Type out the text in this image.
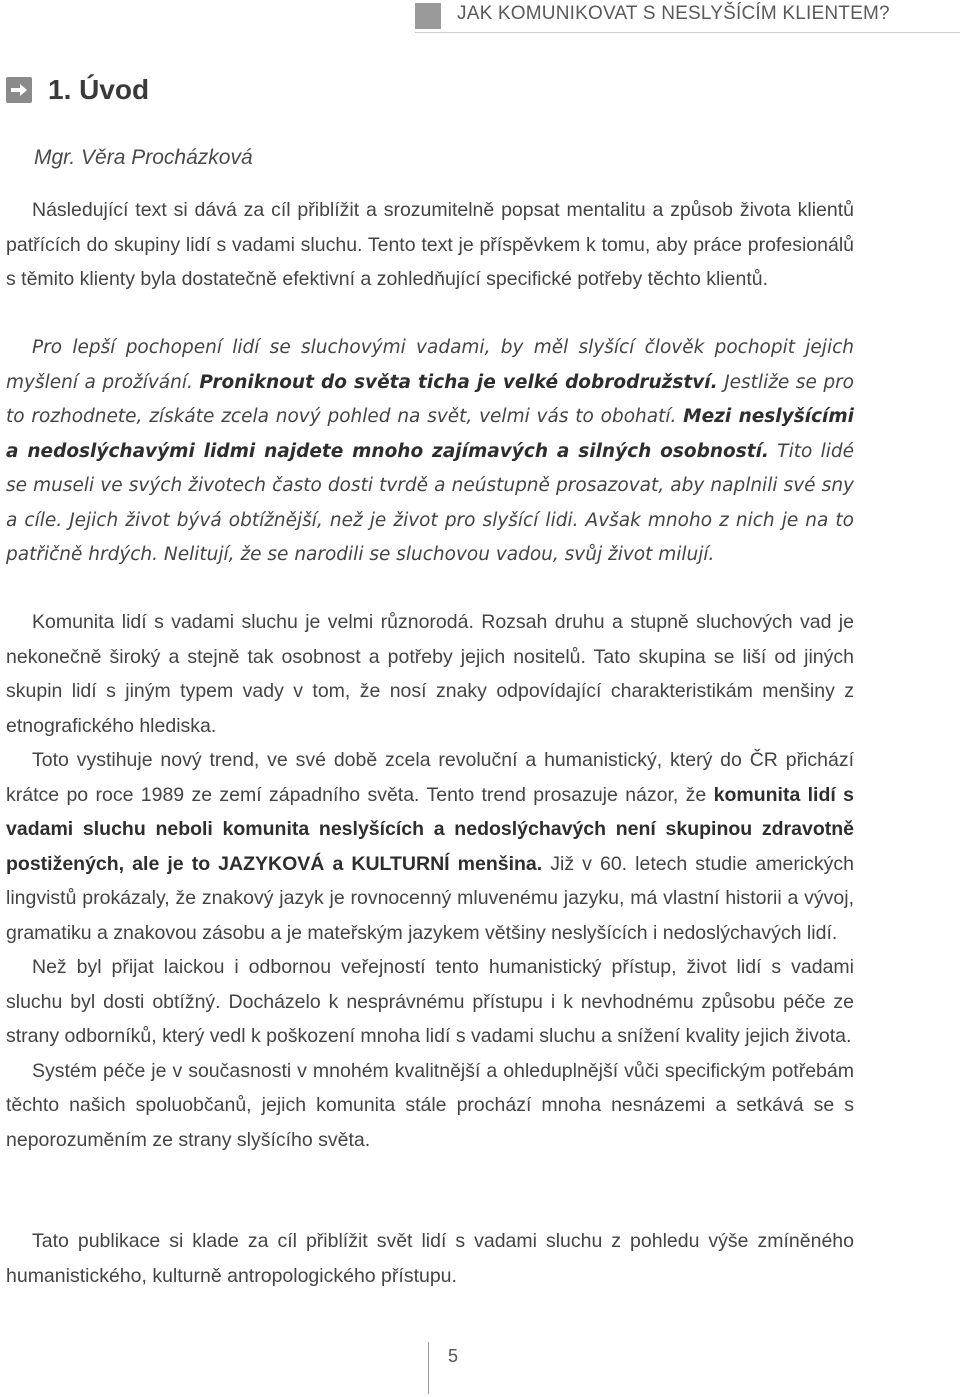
JAK KOMUNIKOVAT S NESLYŠÍCÍM KLIENTEM?
1. Úvod
Mgr. Věra Procházková

Následující text si dává za cíl přiblížit a srozumitelně popsat mentalitu a způsob života klientů patřících do skupiny lidí s vadami sluchu. Tento text je příspěvkem k tomu, aby práce profesionálů s těmito klienty byla dostatečně efektivní a zohledňující specifické potřeby těchto klientů.

Pro lepší pochopení lidí se sluchovými vadami, by měl slyšící člověk pochopit jejich myšlení a prožívání. Proniknout do světa ticha je velké dobrodružství. Jestliže se pro to rozhodnete, získáte zcela nový pohled na svět, velmi vás to obohatí. Mezi neslyšícími a nedoslýchavými lidmi najdete mnoho zajímavých a silných osobností. Tito lidé se museli ve svých životech často dosti tvrdě a neústupně prosazovat, aby naplnili své sny a cíle. Jejich život bývá obtížnější, než je život pro slyšící lidi. Avšak mnoho z nich je na to patřičně hrdých. Nelitují, že se narodili se sluchovou vadou, svůj život milují.

Komunita lidí s vadami sluchu je velmi různorodá. Rozsah druhu a stupně sluchových vad je nekonečně široký a stejně tak osobnost a potřeby jejich nositelů. Tato skupina se liší od jiných skupin lidí s jiným typem vady v tom, že nosí znaky odpovídající charakteristikám menšiny z etnografického hlediska.

Toto vystihuje nový trend, ve své době zcela revoluční a humanistický, který do ČR přichází krátce po roce 1989 ze zemí západního světa. Tento trend prosazuje názor, že komunita lidí s vadami sluchu neboli komunita neslyšících a nedoslýchavých není skupinou zdravotně postižených, ale je to JAZYKOVÁ a KULTURNÍ menšina. Již v 60. letech studie amerických lingvistů prokázaly, že znakový jazyk je rovnocenný mluvenému jazyku, má vlastní historii a vývoj, gramatiku a znakovou zásobu a je mateřským jazykem většiny neslyšících i nedoslýchavých lidí.

Než byl přijat laickou i odbornou veřejností tento humanistický přístup, život lidí s vadami sluchu byl dosti obtížný. Docházelo k nesprávnému přístupu i k nevhodnému způsobu péče ze strany odborníků, který vedl k poškození mnoha lidí s vadami sluchu a snížení kvality jejich života.

Systém péče je v současnosti v mnohém kvalitnější a ohleduplnější vůči specifickým potřebám těchto našich spoluobčanů, jejich komunita stále prochází mnoha nesnázemi a setkává se s neporozuměním ze strany slyšícího světa.

Tato publikace si klade za cíl přiblížit svět lidí s vadami sluchu z pohledu výše zmíněného humanistického, kulturně antropologického přístupu.

5
